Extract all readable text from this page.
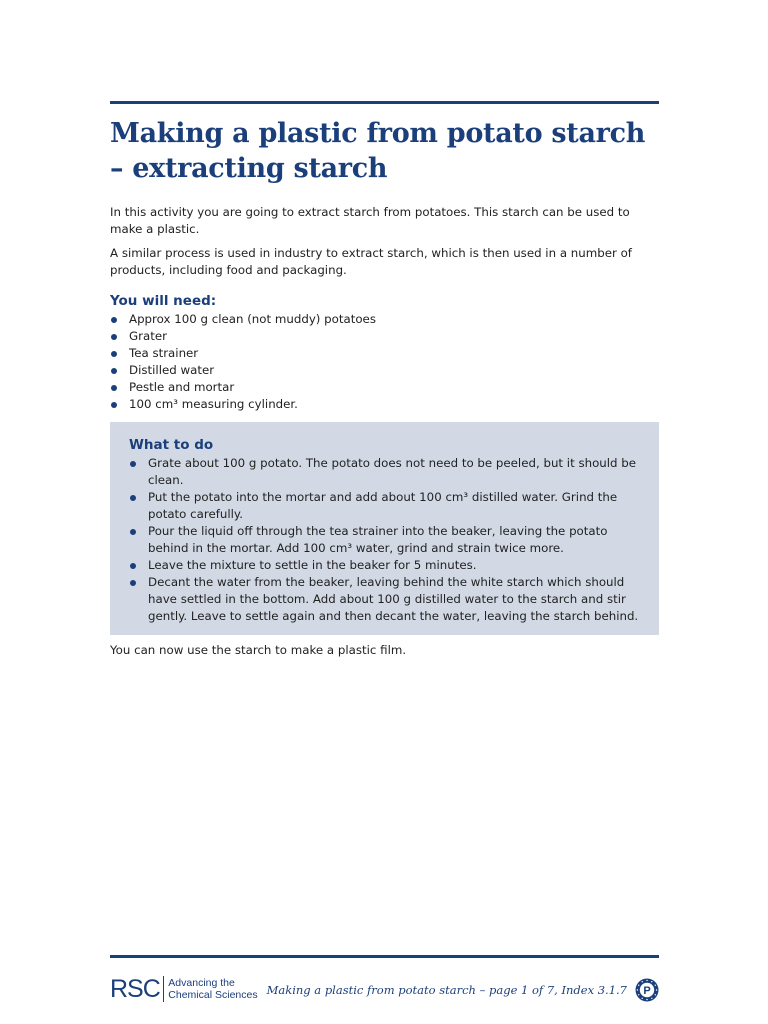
Making a plastic from potato starch – extracting starch

In this activity you are going to extract starch from potatoes. This starch can be used to make a plastic.

A similar process is used in industry to extract starch, which is then used in a number of products, including food and packaging.

You will need:
Approx 100 g clean (not muddy) potatoes
Grater
Tea strainer
Distilled water
Pestle and mortar
100 cm³ measuring cylinder.
What to do
Grate about 100 g potato. The potato does not need to be peeled, but it should be clean.
Put the potato into the mortar and add about 100 cm³ distilled water. Grind the potato carefully.
Pour the liquid off through the tea strainer into the beaker, leaving the potato behind in the mortar. Add 100 cm³ water, grind and strain twice more.
Leave the mixture to settle in the beaker for 5 minutes.
Decant the water from the beaker, leaving behind the white starch which should have settled in the bottom. Add about 100 g distilled water to the starch and stir gently. Leave to settle again and then decant the water, leaving the starch behind.

You can now use the starch to make a plastic film.

RSC Advancing the
Chemical Sciences Making a plastic from potato starch – page 1 of 7, Index 3.1.7 P
